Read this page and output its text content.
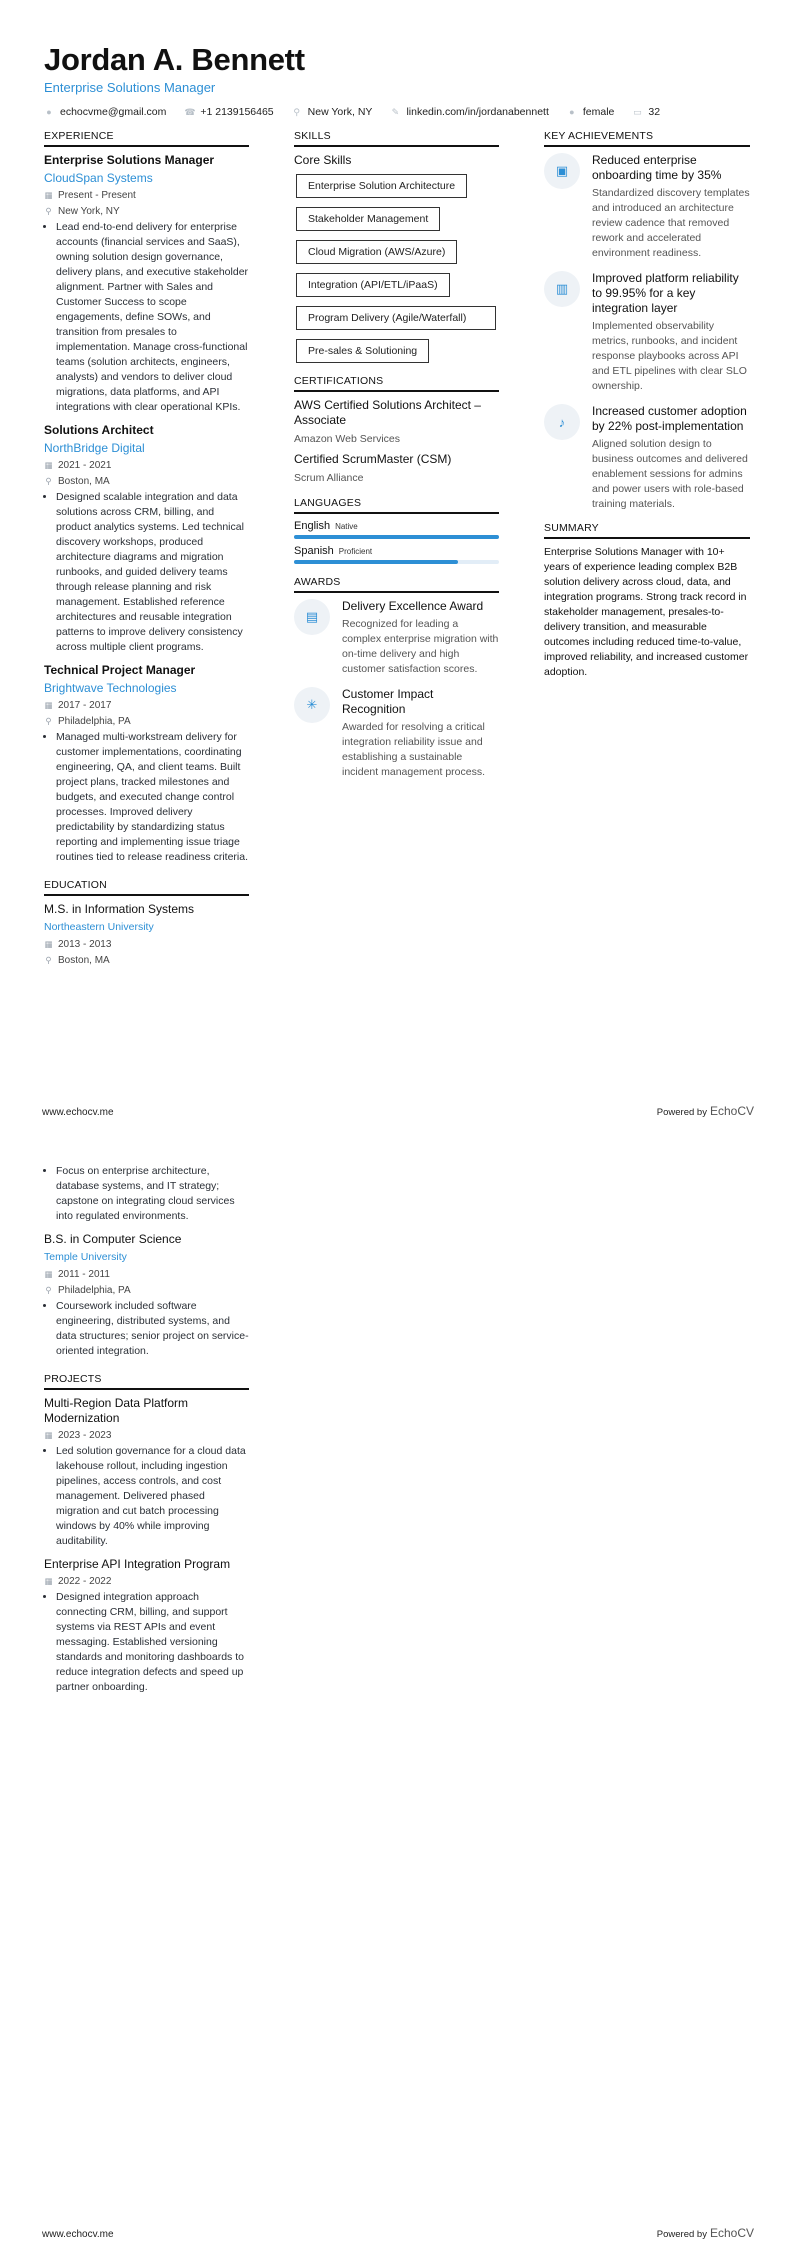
Jordan A. Bennett
Enterprise Solutions Manager
● echocvme@gmail.com ☎ +1 2139156465 ⚲ New York, NY ✎ linkedin.com/in/jordanabennett ● female ▭ 32
EXPERIENCE
Enterprise Solutions Manager
CloudSpan Systems
▦ Present - Present
⚲ New York, NY
• Lead end-to-end delivery for enterprise accounts (financial services and SaaS), owning solution design governance, delivery plans, and executive stakeholder alignment. Partner with Sales and Customer Success to scope engagements, define SOWs, and transition from presales to implementation. Manage cross-functional teams (solution architects, engineers, analysts) and vendors to deliver cloud migrations, data platforms, and API integrations with clear operational KPIs.
Solutions Architect
NorthBridge Digital
▦ 2021 - 2021
⚲ Boston, MA
• Designed scalable integration and data solutions across CRM, billing, and product analytics systems. Led technical discovery workshops, produced architecture diagrams and migration runbooks, and guided delivery teams through release planning and risk management. Established reference architectures and reusable integration patterns to improve delivery consistency across multiple client programs.
Technical Project Manager
Brightwave Technologies
▦ 2017 - 2017
⚲ Philadelphia, PA
• Managed multi-workstream delivery for customer implementations, coordinating engineering, QA, and client teams. Built project plans, tracked milestones and budgets, and executed change control processes. Improved delivery predictability by standardizing status reporting and implementing issue triage routines tied to release readiness criteria.
EDUCATION
M.S. in Information Systems
Northeastern University
▦ 2013 - 2013
⚲ Boston, MA
SKILLS
Core Skills
Enterprise Solution Architecture
Stakeholder Management
Cloud Migration (AWS/Azure)
Integration (API/ETL/iPaaS)
Program Delivery (Agile/Waterfall)
Pre-sales & Solutioning
CERTIFICATIONS
AWS Certified Solutions Architect – Associate
Amazon Web Services
Certified ScrumMaster (CSM)
Scrum Alliance
LANGUAGES
English Native
Spanish Proficient
AWARDS
▤
Delivery Excellence Award
Recognized for leading a complex enterprise migration with on-time delivery and high customer satisfaction scores.
✳
Customer Impact Recognition
Awarded for resolving a critical integration reliability issue and establishing a sustainable incident management process.
KEY ACHIEVEMENTS
▣
Reduced enterprise onboarding time by 35%
Standardized discovery templates and introduced an architecture review cadence that removed rework and accelerated environment readiness.
▥
Improved platform reliability to 99.95% for a key integration layer
Implemented observability metrics, runbooks, and incident response playbooks across API and ETL pipelines with clear SLO ownership.
♪
Increased customer adoption by 22% post-implementation
Aligned solution design to business outcomes and delivered enablement sessions for admins and power users with role-based training materials.
SUMMARY
Enterprise Solutions Manager with 10+ years of experience leading complex B2B solution delivery across cloud, data, and integration programs. Strong track record in stakeholder management, presales-to-delivery transition, and measurable outcomes including reduced time-to-value, improved reliability, and increased customer adoption.
www.echocv.me	Powered by EchoCV
• Focus on enterprise architecture, database systems, and IT strategy; capstone on integrating cloud services into regulated environments.
B.S. in Computer Science
Temple University
▦ 2011 - 2011
⚲ Philadelphia, PA
• Coursework included software engineering, distributed systems, and data structures; senior project on service-oriented integration.
PROJECTS
Multi-Region Data Platform Modernization
▦ 2023 - 2023
• Led solution governance for a cloud data lakehouse rollout, including ingestion pipelines, access controls, and cost management. Delivered phased migration and cut batch processing windows by 40% while improving auditability.
Enterprise API Integration Program
▦ 2022 - 2022
• Designed integration approach connecting CRM, billing, and support systems via REST APIs and event messaging. Established versioning standards and monitoring dashboards to reduce integration defects and speed up partner onboarding.
www.echocv.me	Powered by EchoCV
